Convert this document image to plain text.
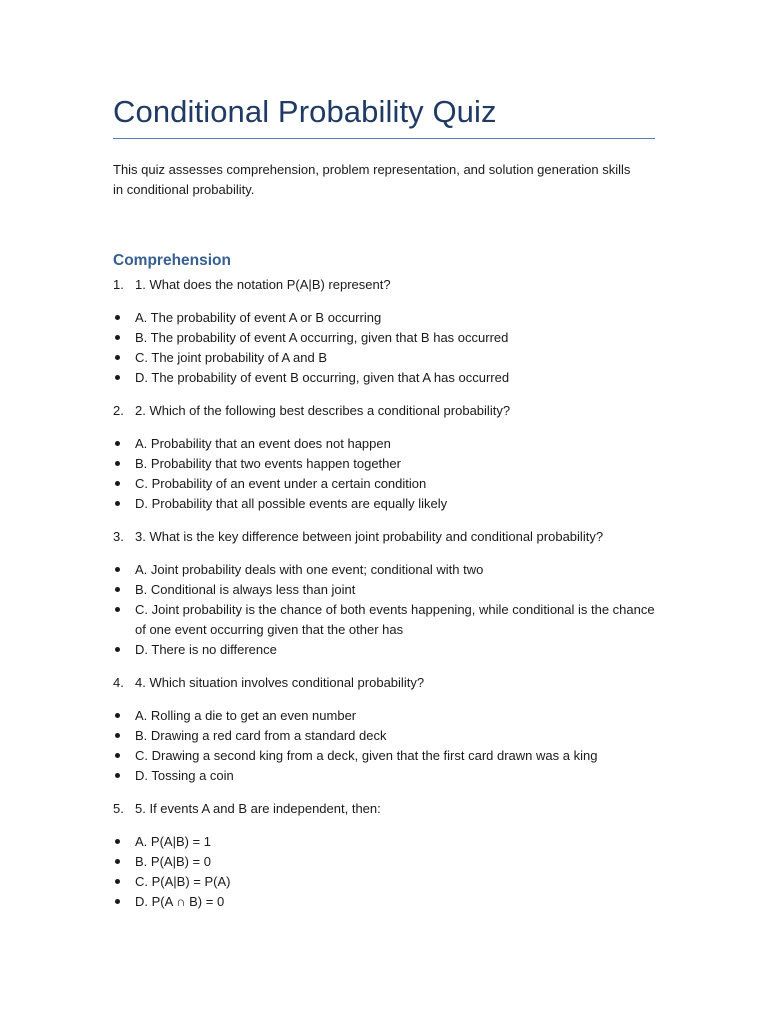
Conditional Probability Quiz
This quiz assesses comprehension, problem representation, and solution generation skills in conditional probability.
Comprehension
1. 1. What does the notation P(A|B) represent?
A. The probability of event A or B occurring
B. The probability of event A occurring, given that B has occurred
C. The joint probability of A and B
D. The probability of event B occurring, given that A has occurred
2. 2. Which of the following best describes a conditional probability?
A. Probability that an event does not happen
B. Probability that two events happen together
C. Probability of an event under a certain condition
D. Probability that all possible events are equally likely
3. 3. What is the key difference between joint probability and conditional probability?
A. Joint probability deals with one event; conditional with two
B. Conditional is always less than joint
C. Joint probability is the chance of both events happening, while conditional is the chance of one event occurring given that the other has
D. There is no difference
4. 4. Which situation involves conditional probability?
A. Rolling a die to get an even number
B. Drawing a red card from a standard deck
C. Drawing a second king from a deck, given that the first card drawn was a king
D. Tossing a coin
5. 5. If events A and B are independent, then:
A. P(A|B) = 1
B. P(A|B) = 0
C. P(A|B) = P(A)
D. P(A ∩ B) = 0
